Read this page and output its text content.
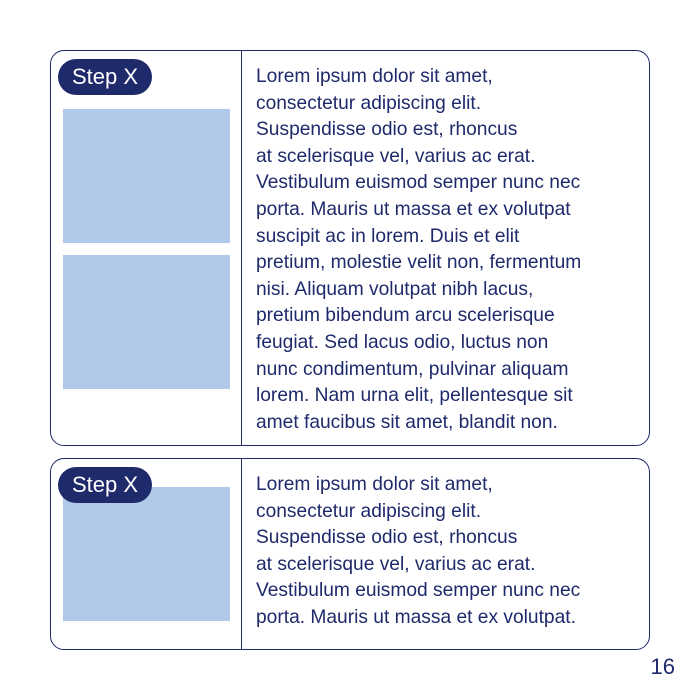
Step X	Lorem ipsum dolor sit amet,
consectetur adipiscing elit.
Suspendisse odio est, rhoncus
at scelerisque vel, varius ac erat.
Vestibulum euismod semper nunc nec
porta. Mauris ut massa et ex volutpat
suscipit ac in lorem. Duis et elit
pretium, molestie velit non, fermentum
nisi. Aliquam volutpat nibh lacus,
pretium bibendum arcu scelerisque
feugiat. Sed lacus odio, luctus non
nunc condimentum, pulvinar aliquam
lorem. Nam urna elit, pellentesque sit
amet faucibus sit amet, blandit non.
Step X	Lorem ipsum dolor sit amet,
consectetur adipiscing elit.
Suspendisse odio est, rhoncus
at scelerisque vel, varius ac erat.
Vestibulum euismod semper nunc nec
porta. Mauris ut massa et ex volutpat.
16
